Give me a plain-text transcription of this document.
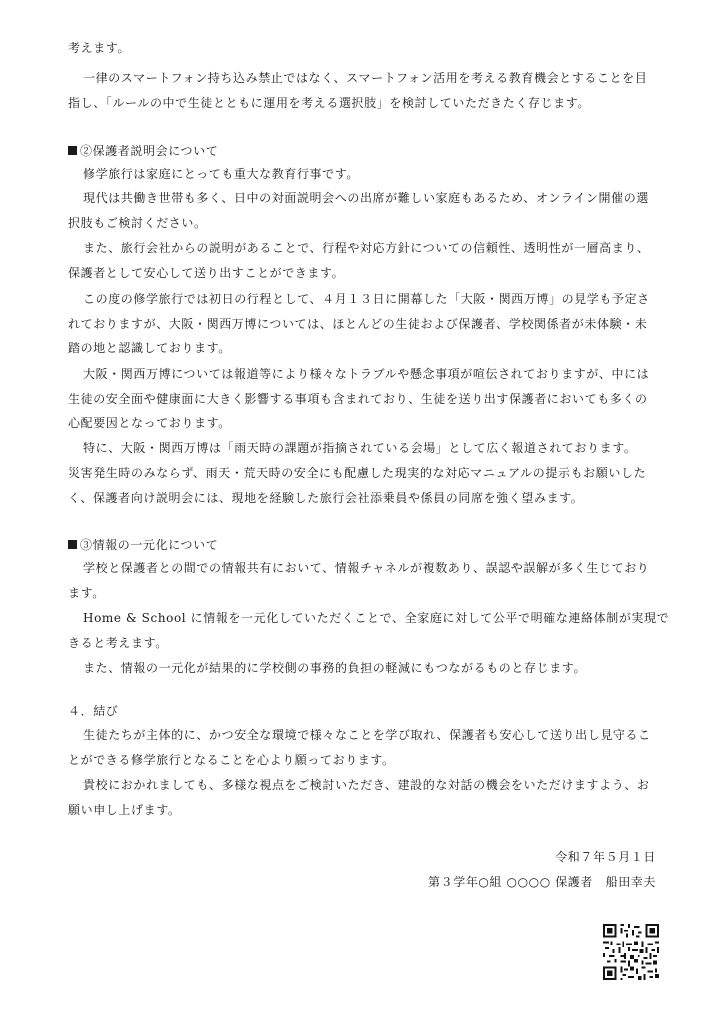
考えます。
一律のスマートフォン持ち込み禁止ではなく、スマートフォン活用を考える教育機会とすることを目
指し、「ルールの中で生徒とともに運用を考える選択肢」を検討していただきたく存じます。
②保護者説明会について
修学旅行は家庭にとっても重大な教育行事です。
現代は共働き世帯も多く、日中の対面説明会への出席が難しい家庭もあるため、オンライン開催の選
択肢もご検討ください。
また、旅行会社からの説明があることで、行程や対応方針についての信頼性、透明性が一層高まり、
保護者として安心して送り出すことができます。
この度の修学旅行では初日の行程として、４月１３日に開幕した「大阪・関西万博」の見学も予定さ
れておりますが、大阪・関西万博については、ほとんどの生徒および保護者、学校関係者が未体験・未
踏の地と認識しております。
大阪・関西万博については報道等により様々なトラブルや懸念事項が喧伝されておりますが、中には
生徒の安全面や健康面に大きく影響する事項も含まれており、生徒を送り出す保護者においても多くの
心配要因となっております。
特に、大阪・関西万博は「雨天時の課題が指摘されている会場」として広く報道されております。
災害発生時のみならず、雨天・荒天時の安全にも配慮した現実的な対応マニュアルの提示もお願いした
く、保護者向け説明会には、現地を経験した旅行会社添乗員や係員の同席を強く望みます。
③情報の一元化について
学校と保護者との間での情報共有において、情報チャネルが複数あり、誤認や誤解が多く生じており
ます。
Home & School に情報を一元化していただくことで、全家庭に対して公平で明確な連絡体制が実現で
きると考えます。
また、情報の一元化が結果的に学校側の事務的負担の軽減にもつながるものと存じます。
４．結び
生徒たちが主体的に、かつ安全な環境で様々なことを学び取れ、保護者も安心して送り出し見守るこ
とができる修学旅行となることを心より願っております。
貴校におかれましても、多様な視点をご検討いただき、建設的な対話の機会をいただけますよう、お
願い申し上げます。
令和７年５月１日
第３学年○組 ○○○○ 保護者　船田幸夫
